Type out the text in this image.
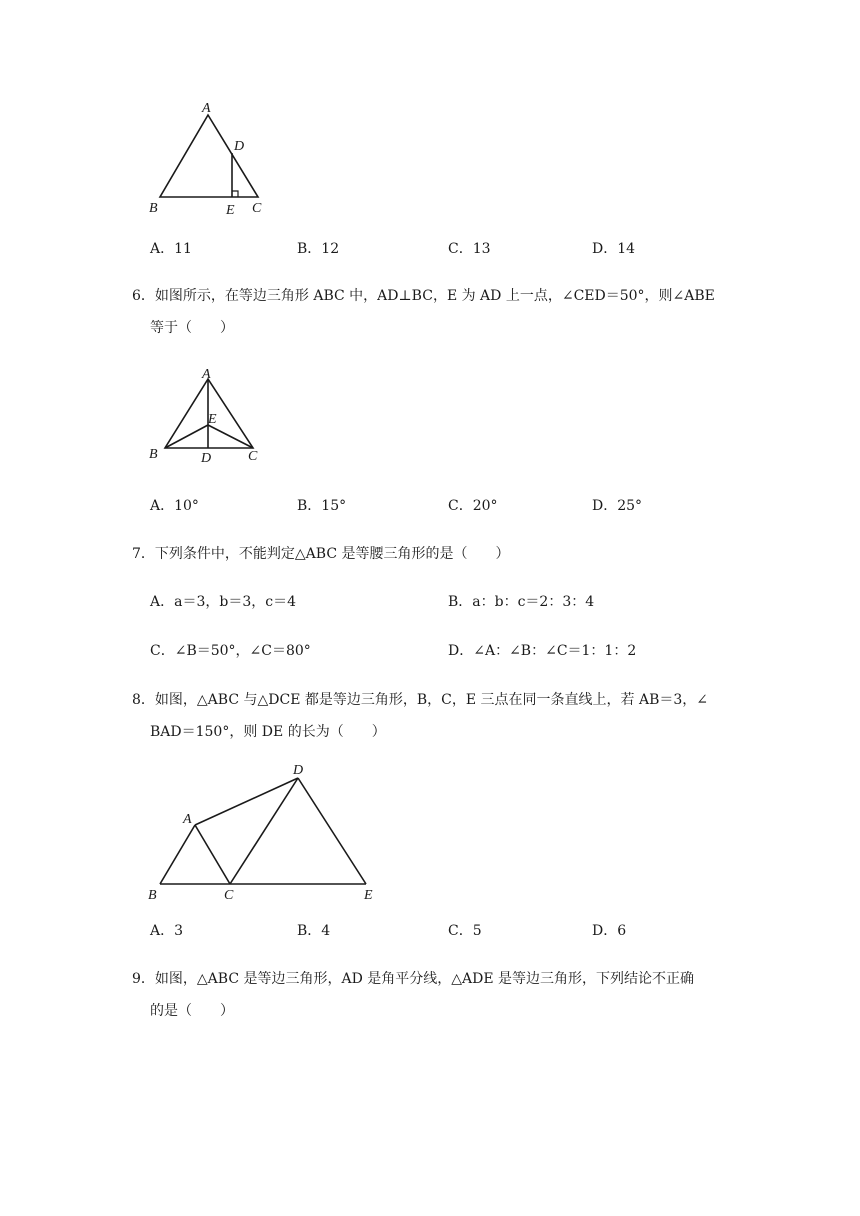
A
D
B	E C
A．11	B．12	C．13	D．14
6．如图所示，在等边三角形 ABC 中，AD⊥BC，E 为 AD 上一点，∠CED＝50°，则∠ABE
等于（　　）
A
E
B	D	C
A．10°	B．15°	C．20°	D．25°
7．下列条件中，不能判定△ABC 是等腰三角形的是（　　）
A．a＝3，b＝3，c＝4	B．a：b：c＝2：3：4
C．∠B＝50°，∠C＝80°	D．∠A：∠B：∠C＝1：1：2
8．如图，△ABC 与△DCE 都是等边三角形，B，C，E 三点在同一条直线上，若 AB＝3，∠
BAD＝150°，则 DE 的长为（　　）
D
A
B	C	E
A．3	B．4	C．5	D．6
9．如图，△ABC 是等边三角形，AD 是角平分线，△ADE 是等边三角形，下列结论不正确
的是（　　）
